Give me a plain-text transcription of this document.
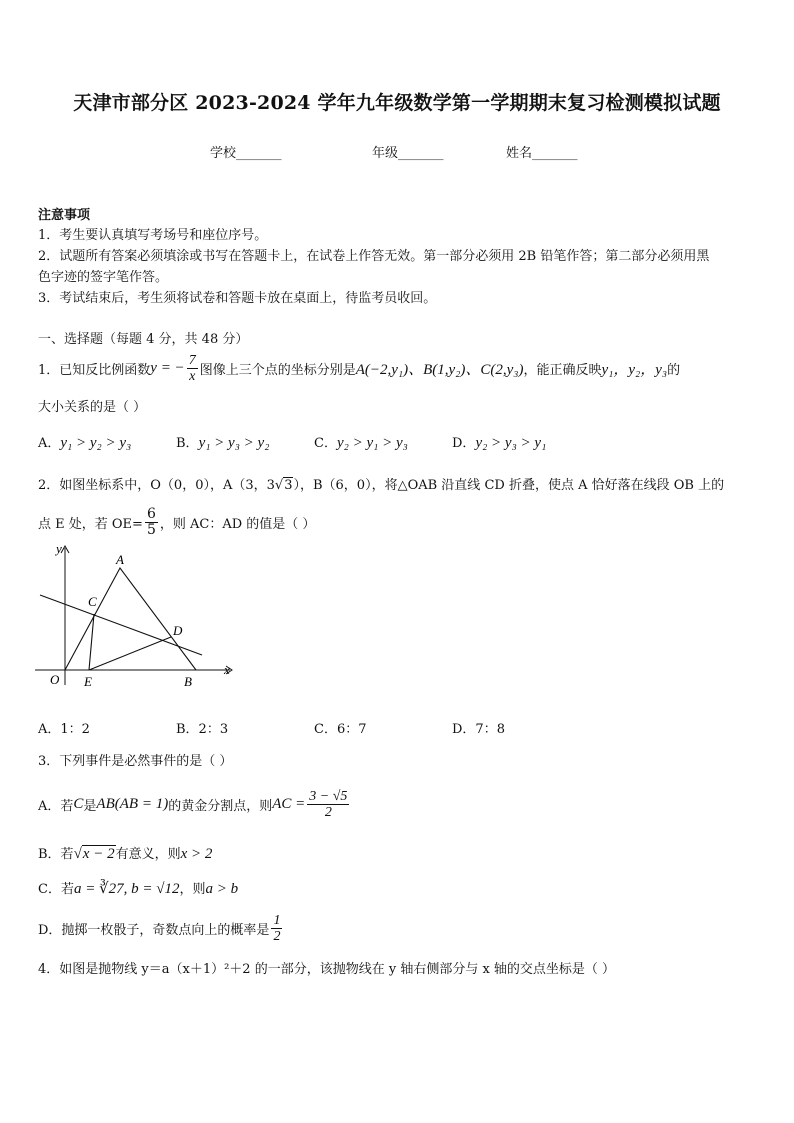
天津市部分区 2023-2024 学年九年级数学第一学期期末复习检测模拟试题
学校_______	年级_______	姓名_______
注意事项
1．考生要认真填写考场号和座位序号。
2．试题所有答案必须填涂或书写在答题卡上，在试卷上作答无效。第一部分必须用 2B 铅笔作答；第二部分必须用黑
色字迹的签字笔作答。
3．考试结束后，考生须将试卷和答题卡放在桌面上，待监考员收回。
一、选择题（每题 4 分，共 48 分）
1．已知反比例函数 y = − $\frac{7}{x}$ 图像上三个点的坐标分别是 A(−2,y₁)、B(1,y₂)、C(2,y₃) ，能正确反映 y₁，y₂，y₃ 的
大小关系的是（ ）
A．y₁ > y₂ > y₃	B．y₁ > y₃ > y₂	C．y₂ > y₁ > y₃	D．y₂ > y₃ > y₁
2．如图坐标系中，O（0，0），A（3，3√3），B（6，0），将△OAB 沿直线 CD 折叠，使点 A 恰好落在线段 OB 上的
点 E 处，若 $OE= \frac{6}{5}$ ，则 AC：AD 的值是（ ）
y
x
A
C
D
O E	B
A．1：2	B．2：3	C．6：7	D．7：8
3．下列事件是必然事件的是（ ）
A．若 C 是 AB(AB = 1) 的黄金分割点，则 AC = $\frac{3 - √5}{2}$
B．若√x − 2有意义，则x > 2
C．若a = ∛27, b = √12，则a > b
D．抛掷一枚骰子，奇数点向上的概率是 $\frac{1}{2}$
4．如图是抛物线 y＝a（x＋1）²＋2 的一部分，该抛物线在 y 轴右侧部分与 x 轴的交点坐标是（ ）
